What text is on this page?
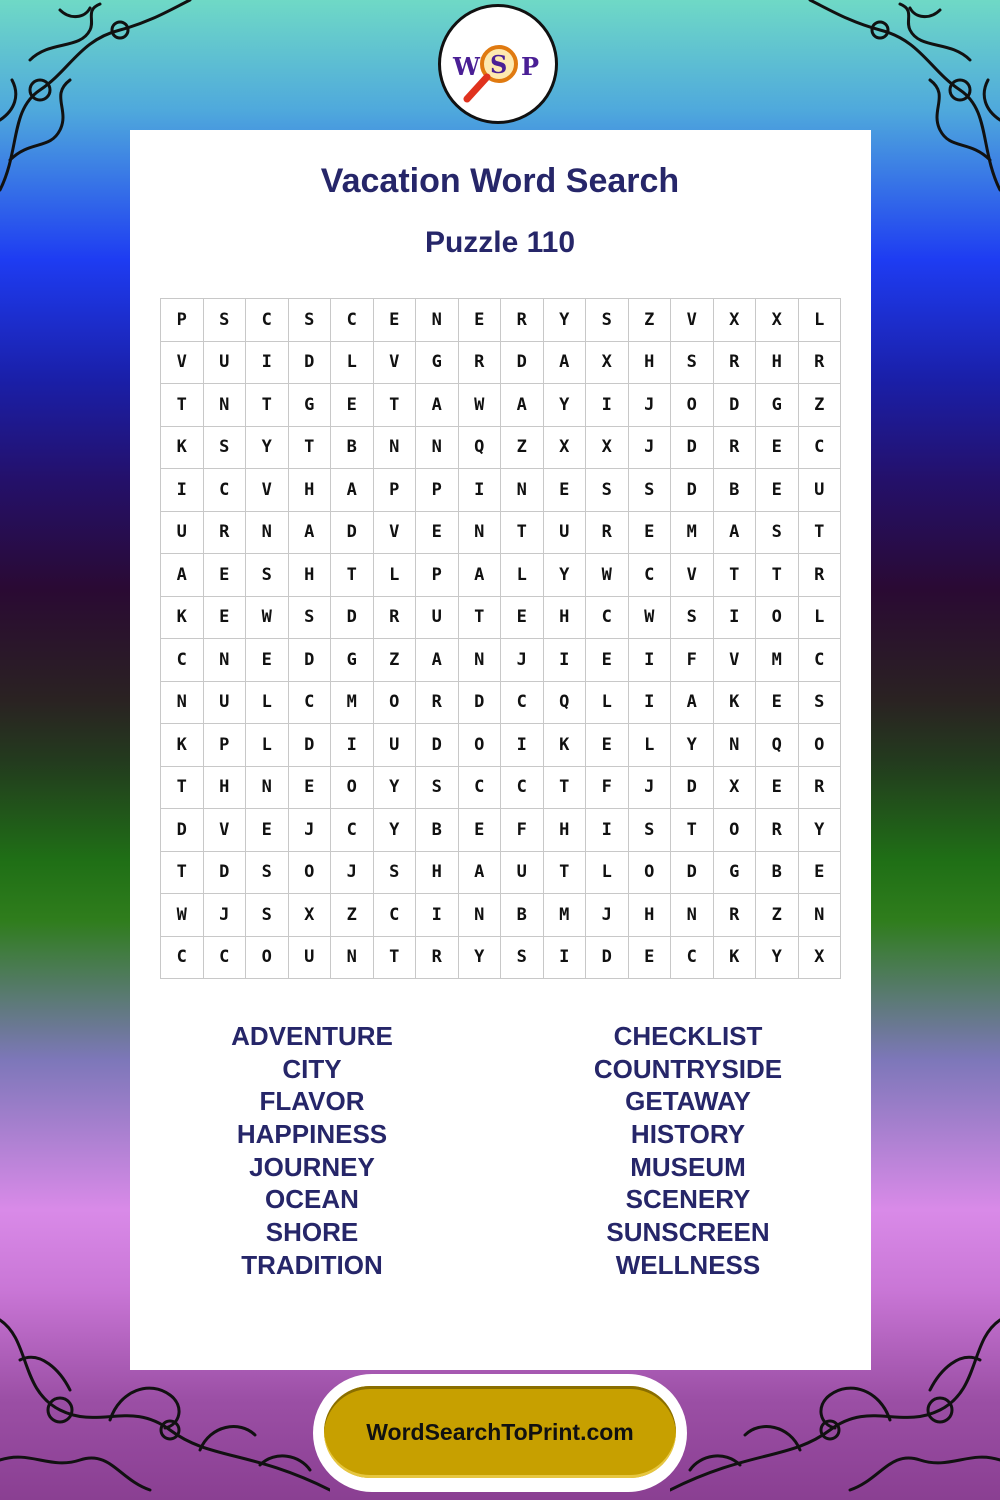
W S P
Vacation Word Search
Puzzle 110
P	S	C	S	C	E	N	E	R	Y	S	Z	V	X	X	L
V	U	I	D	L	V	G	R	D	A	X	H	S	R	H	R
T	N	T	G	E	T	A	W	A	Y	I	J	O	D	G	Z
K	S	Y	T	B	N	N	Q	Z	X	X	J	D	R	E	C
I	C	V	H	A	P	P	I	N	E	S	S	D	B	E	U
U	R	N	A	D	V	E	N	T	U	R	E	M	A	S	T
A	E	S	H	T	L	P	A	L	Y	W	C	V	T	T	R
K	E	W	S	D	R	U	T	E	H	C	W	S	I	O	L
C	N	E	D	G	Z	A	N	J	I	E	I	F	V	M	C
N	U	L	C	M	O	R	D	C	Q	L	I	A	K	E	S
K	P	L	D	I	U	D	O	I	K	E	L	Y	N	Q	O
T	H	N	E	O	Y	S	C	C	T	F	J	D	X	E	R
D	V	E	J	C	Y	B	E	F	H	I	S	T	O	R	Y
T	D	S	O	J	S	H	A	U	T	L	O	D	G	B	E
W	J	S	X	Z	C	I	N	B	M	J	H	N	R	Z	N
C	C	O	U	N	T	R	Y	S	I	D	E	C	K	Y	X
ADVENTURE
CITY
FLAVOR
HAPPINESS
JOURNEY
OCEAN
SHORE
TRADITION
CHECKLIST
COUNTRYSIDE
GETAWAY
HISTORY
MUSEUM
SCENERY
SUNSCREEN
WELLNESS
WordSearchToPrint.com
